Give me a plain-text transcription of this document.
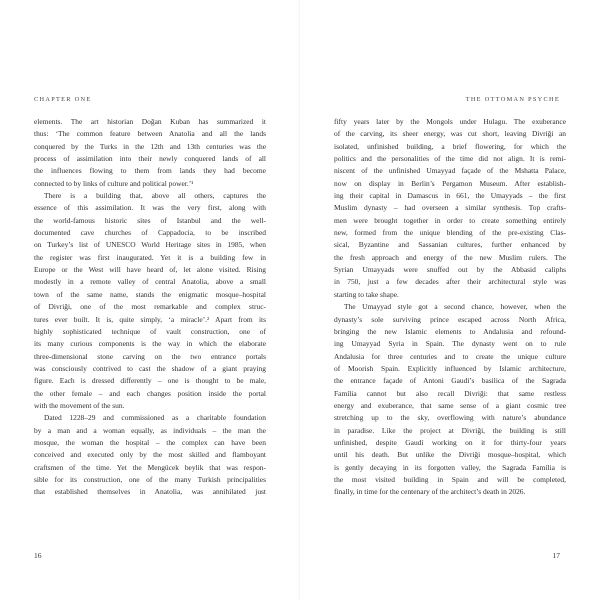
CHAPTER ONE
elements. The art historian Doğan Kuban has summarized it
thus: ‘The common feature between Anatolia and all the lands
conquered by the Turks in the 12th and 13th centuries was the
process of assimilation into their newly conquered lands of all
the influences flowing to them from lands they had become
connected to by links of culture and political power.’¹
There is a building that, above all others, captures the
essence of this assimilation. It was the very first, along with
the world-famous historic sites of Istanbul and the well-
documented cave churches of Cappadocia, to be inscribed
on Turkey’s list of UNESCO World Heritage sites in 1985, when
the register was first inaugurated. Yet it is a building few in
Europe or the West will have heard of, let alone visited. Rising
modestly in a remote valley of central Anatolia, above a small
town of the same name, stands the enigmatic mosque–hospital
of Divriği, one of the most remarkable and complex struc-
tures ever built. It is, quite simply, ‘a miracle’.² Apart from its
highly sophisticated technique of vault construction, one of
its many curious components is the way in which the elaborate
three-dimensional stone carving on the two entrance portals
was consciously contrived to cast the shadow of a giant praying
figure. Each is dressed differently – one is thought to be male,
the other female – and each changes position inside the portal
with the movement of the sun.
Dated 1228–29 and commissioned as a charitable foundation
by a man and a woman equally, as individuals – the man the
mosque, the woman the hospital – the complex can have been
conceived and executed only by the most skilled and flamboyant
craftsmen of the time. Yet the Mengücek beylik that was respon-
sible for its construction, one of the many Turkish principalities
that established themselves in Anatolia, was annihilated just
16
THE OTTOMAN PSYCHE
fifty years later by the Mongols under Hulagu. The exuberance
of the carving, its sheer energy, was cut short, leaving Divriği an
isolated, unfinished building, a brief flowering, for which the
politics and the personalities of the time did not align. It is remi-
niscent of the unfinished Umayyad façade of the Mshatta Palace,
now on display in Berlin’s Pergamon Museum. After establish-
ing their capital in Damascus in 661, the Umayyads – the first
Muslim dynasty – had overseen a similar synthesis. Top crafts-
men were brought together in order to create something entirely
new, formed from the unique blending of the pre-existing Clas-
sical, Byzantine and Sassanian cultures, further enhanced by
the fresh approach and energy of the new Muslim rulers. The
Syrian Umayyads were snuffed out by the Abbasid caliphs
in 750, just a few decades after their architectural style was
starting to take shape.
The Umayyad style got a second chance, however, when the
dynasty’s sole surviving prince escaped across North Africa,
bringing the new Islamic elements to Andalusia and refound-
ing Umayyad Syria in Spain. The dynasty went on to rule
Andalusia for three centuries and to create the unique culture
of Moorish Spain. Explicitly influenced by Islamic architecture,
the entrance façade of Antoni Gaudí’s basilica of the Sagrada
Família cannot but also recall Divriği: that same restless
energy and exuberance, that same sense of a giant cosmic tree
stretching up to the sky, overflowing with nature’s abundance
in paradise. Like the project at Divriği, the building is still
unfinished, despite Gaudí working on it for thirty-four years
until his death. But unlike the Divriği mosque–hospital, which
is gently decaying in its forgotten valley, the Sagrada Família is
the most visited building in Spain and will be completed,
finally, in time for the centenary of the architect’s death in 2026.
17
